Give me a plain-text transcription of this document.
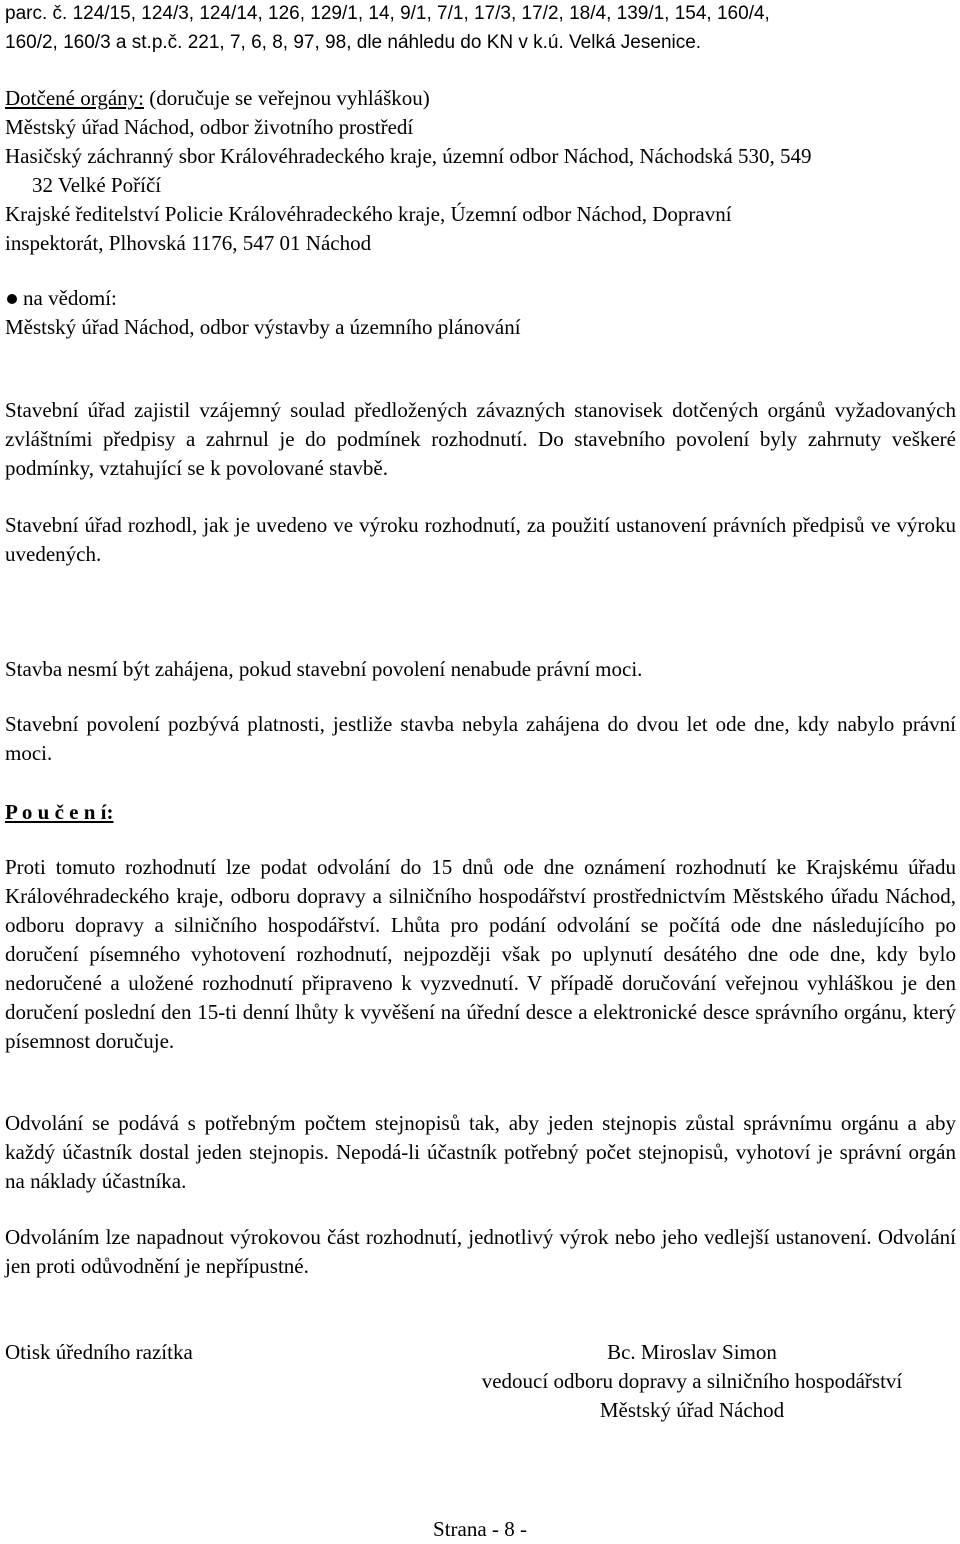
parc. č. 124/15, 124/3, 124/14, 126, 129/1, 14, 9/1, 7/1, 17/3, 17/2, 18/4, 139/1, 154, 160/4,

160/2, 160/3 a st.p.č. 221, 7, 6, 8, 97, 98, dle náhledu do KN v k.ú. Velká Jesenice.

Dotčené orgány: (doručuje se veřejnou vyhláškou)

Městský úřad Náchod, odbor životního prostředí

Hasičský záchranný sbor Královéhradeckého kraje, územní odbor Náchod, Náchodská 530, 549

32 Velké Poříčí

Krajské ředitelství Policie Královéhradeckého kraje, Územní odbor Náchod, Dopravní

inspektorát, Plhovská 1176, 547 01 Náchod

na vědomí:

Městský úřad Náchod, odbor výstavby a územního plánování

Stavební úřad zajistil vzájemný soulad předložených závazných stanovisek dotčených orgánů vyžadovaných zvláštními předpisy a zahrnul je do podmínek rozhodnutí. Do stavebního povolení byly zahrnuty veškeré podmínky, vztahující se k povolované stavbě.

Stavební úřad rozhodl, jak je uvedeno ve výroku rozhodnutí, za použití ustanovení právních předpisů ve výroku uvedených.

Stavba nesmí být zahájena, pokud stavební povolení nenabude právní moci.

Stavební povolení pozbývá platnosti, jestliže stavba nebyla zahájena do dvou let ode dne, kdy nabylo právní moci.

P o u č e n í:

Proti tomuto rozhodnutí lze podat odvolání do 15 dnů ode dne oznámení rozhodnutí ke Krajskému úřadu Královéhradeckého kraje, odboru dopravy a silničního hospodářství prostřednictvím Městského úřadu Náchod, odboru dopravy a silničního hospodářství. Lhůta pro podání odvolání se počítá ode dne následujícího po doručení písemného vyhotovení rozhodnutí, nejpozději však po uplynutí desátého dne ode dne, kdy bylo nedoručené a uložené rozhodnutí připraveno k vyzvednutí. V případě doručování veřejnou vyhláškou je den doručení poslední den 15-ti denní lhůty k vyvěšení na úřední desce a elektronické desce správního orgánu, který písemnost doručuje.

Odvolání se podává s potřebným počtem stejnopisů tak, aby jeden stejnopis zůstal správnímu orgánu a aby každý účastník dostal jeden stejnopis. Nepodá-li účastník potřebný počet stejnopisů, vyhotoví je správní orgán na náklady účastníka.

Odvoláním lze napadnout výrokovou část rozhodnutí, jednotlivý výrok nebo jeho vedlejší ustanovení. Odvolání jen proti odůvodnění je nepřípustné.

Otisk úředního razítka	Bc. Miroslav Simon

vedoucí odboru dopravy a silničního hospodářství

Městský úřad Náchod

Strana - 8 -
